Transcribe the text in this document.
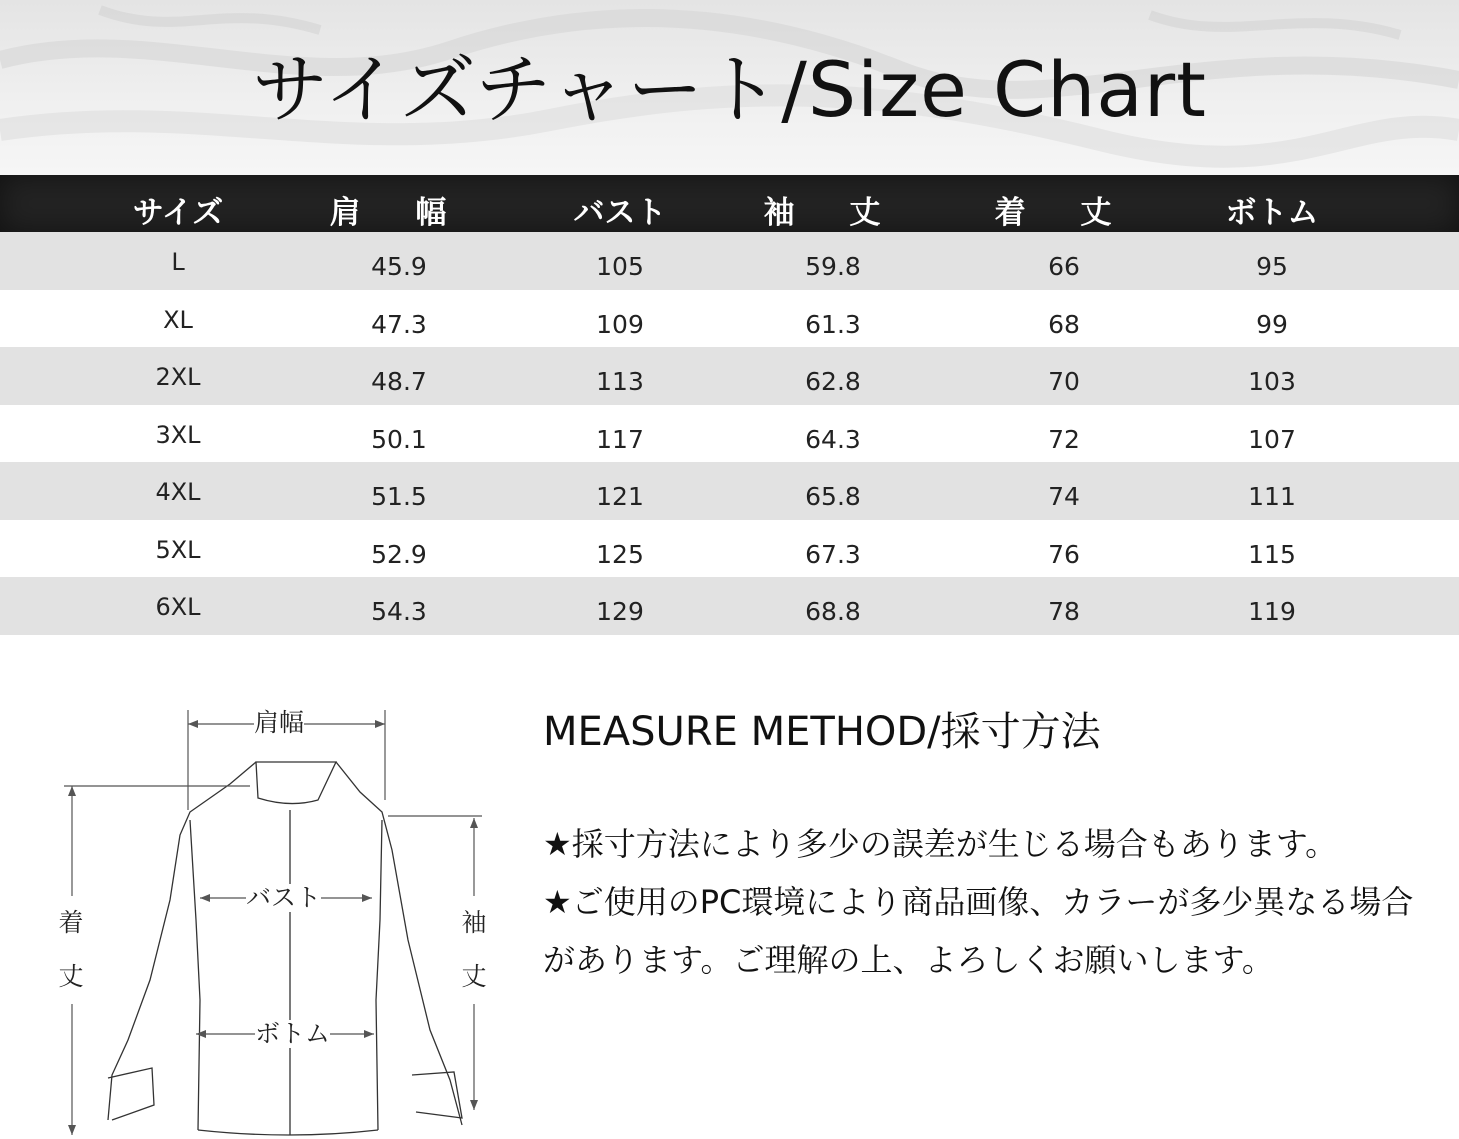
サイズチャート/Size Chart
サイズ	肩 幅	バスト	袖 丈	着 丈	ボトム
L	45.9	105	59.8	66	95
XL	47.3	109	61.3	68	99
2XL	48.7	113	62.8	70	103
3XL	50.1	117	64.3	72	107
4XL	51.5	121	65.8	74	111
5XL	52.9	125	67.3	76	115
6XL	54.3	129	68.8	78	119
肩幅
バスト
ボトム
着
丈
袖
丈
MEASURE METHOD/採寸方法
★採寸方法により多少の誤差が生じる場合もあります。
★ご使用のPC環境により商品画像、カラーが多少異なる場合
があります。ご理解の上、よろしくお願いします。
